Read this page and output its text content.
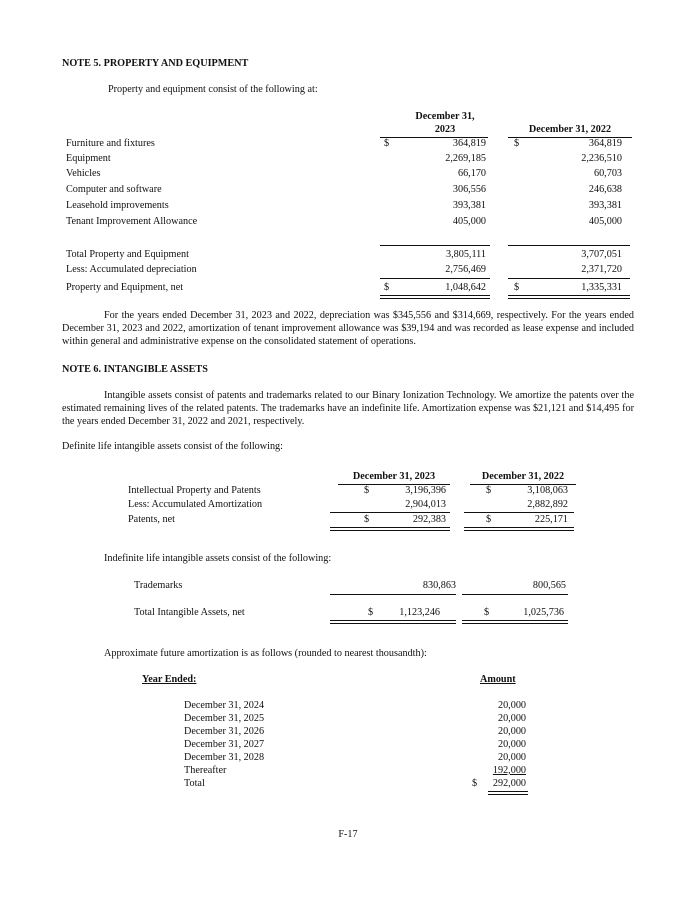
NOTE 5. PROPERTY AND EQUIPMENT
Property and equipment consist of the following at:
December 31,
2023	December 31, 2022
Furniture and fixtures	$	364,819	$	364,819
Equipment	2,269,185	2,236,510
Vehicles	66,170	60,703
Computer and software	306,556	246,638
Leasehold improvements	393,381	393,381
Tenant Improvement Allowance	405,000	405,000
Total Property and Equipment	3,805,111	3,707,051
Less: Accumulated depreciation	2,756,469	2,371,720
Property and Equipment, net	$	1,048,642	$	1,335,331
For the years ended December 31, 2023 and 2022, depreciation was $345,556 and $314,669, respectively. For the years ended December 31, 2023 and 2022, amortization of tenant improvement allowance was $39,194 and was recorded as lease expense and included within general and administrative expense on the consolidated statement of operations.
NOTE 6. INTANGIBLE ASSETS
Intangible assets consist of patents and trademarks related to our Binary Ionization Technology. We amortize the patents over the estimated remaining lives of the related patents. The trademarks have an indefinite life. Amortization expense was $21,121 and $14,495 for the years ended December 31, 2022 and 2021, respectively.
Definite life intangible assets consist of the following:
December 31, 2023	December 31, 2022
Intellectual Property and Patents	$	3,196,396	$	3,108,063
Less: Accumulated Amortization	2,904,013	2,882,892
Patents, net	$	292,383	$	225,171
Indefinite life intangible assets consist of the following:
Trademarks	830,863	800,565
Total Intangible Assets, net	$	1,123,246	$	1,025,736
Approximate future amortization is as follows (rounded to nearest thousandth):
Year Ended:	Amount
December 31, 2024	20,000
December 31, 2025	20,000
December 31, 2026	20,000
December 31, 2027	20,000
December 31, 2028	20,000
Thereafter	192,000
Total	$	292,000
F-17
